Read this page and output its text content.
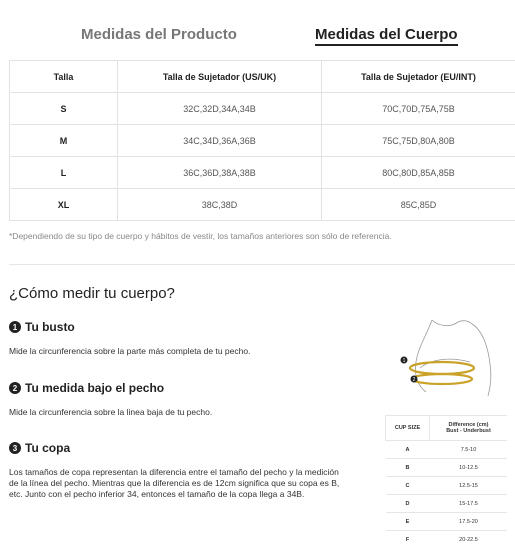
Medidas del Producto	Medidas del Cuerpo
Talla	Talla de Sujetador (US/UK)	Talla de Sujetador (EU/INT)
S	32C,32D,34A,34B	70C,70D,75A,75B
M	34C,34D,36A,36B	75C,75D,80A,80B
L	36C,36D,38A,38B	80C,80D,85A,85B
XL	38C,38D	85C,85D
*Dependiendo de su tipo de cuerpo y hábitos de vestir, los tamaños anteriores son sólo de referencia.
¿Cómo medir tu cuerpo?
1 Tu busto
Mide la circunferencia sobre la parte más completa de tu pecho.
2 Tu medida bajo el pecho
Mide la circunferencia sobre la linea baja de tu pecho.
3 Tu copa
Los tamaños de copa representan la diferencia entre el tamaño del pecho y la medición de la línea del pecho. Mientras que la diferencia es de 12cm significa que su copa es B, etc. Junto con el pecho inferior 34, entonces el tamaño de la copa llega a 34B.
1
2
CUP SIZE	Difference (cm)
Bust - Underbust
A	7.5-10
B	10-12.5
C	12.5-15
D	15-17.5
E	17.5-20
F	20-22.5
